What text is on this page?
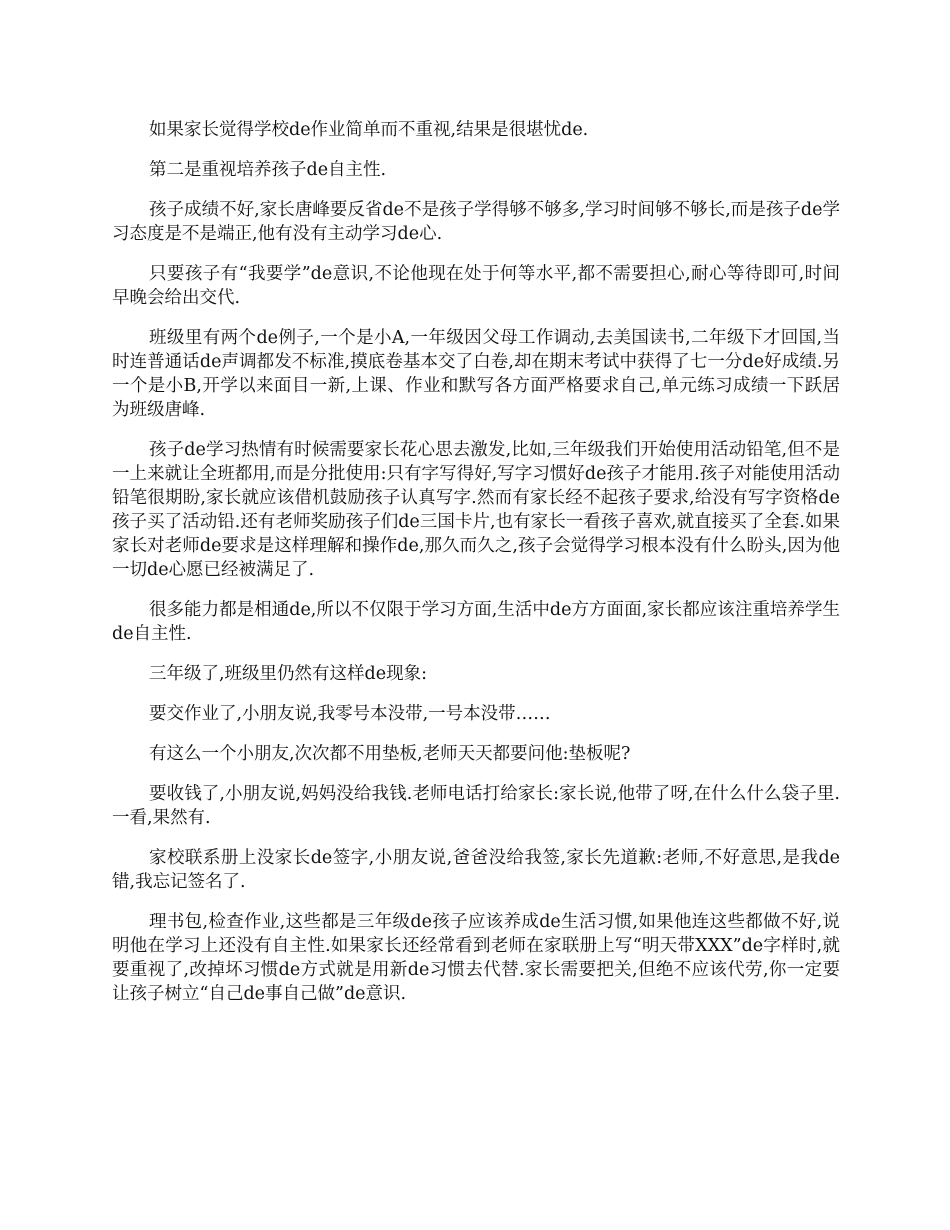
如果家长觉得学校de作业简单而不重视,结果是很堪忧de.

第二是重视培养孩子de自主性.

孩子成绩不好,家长唐峰要反省de不是孩子学得够不够多,学习时间够不够长,而是孩子de学习态度是不是端正,他有没有主动学习de心.

只要孩子有“我要学”de意识,不论他现在处于何等水平,都不需要担心,耐心等待即可,时间早晚会给出交代.

班级里有两个de例子,一个是小A,一年级因父母工作调动,去美国读书,二年级下才回国,当时连普通话de声调都发不标准,摸底卷基本交了白卷,却在期末考试中获得了七一分de好成绩.另一个是小B,开学以来面目一新,上课、作业和默写各方面严格要求自己,单元练习成绩一下跃居为班级唐峰.

孩子de学习热情有时候需要家长花心思去激发,比如,三年级我们开始使用活动铅笔,但不是一上来就让全班都用,而是分批使用:只有字写得好,写字习惯好de孩子才能用.孩子对能使用活动铅笔很期盼,家长就应该借机鼓励孩子认真写字.然而有家长经不起孩子要求,给没有写字资格de孩子买了活动铅.还有老师奖励孩子们de三国卡片,也有家长一看孩子喜欢,就直接买了全套.如果家长对老师de要求是这样理解和操作de,那久而久之,孩子会觉得学习根本没有什么盼头,因为他一切de心愿已经被满足了.

很多能力都是相通de,所以不仅限于学习方面,生活中de方方面面,家长都应该注重培养学生de自主性.

三年级了,班级里仍然有这样de现象:

要交作业了,小朋友说,我零号本没带,一号本没带……

有这么一个小朋友,次次都不用垫板,老师天天都要问他:垫板呢?

要收钱了,小朋友说,妈妈没给我钱.老师电话打给家长:家长说,他带了呀,在什么什么袋子里.一看,果然有.

家校联系册上没家长de签字,小朋友说,爸爸没给我签,家长先道歉:老师,不好意思,是我de错,我忘记签名了.

理书包,检查作业,这些都是三年级de孩子应该养成de生活习惯,如果他连这些都做不好,说明他在学习上还没有自主性.如果家长还经常看到老师在家联册上写“明天带XXX”de字样时,就要重视了,改掉坏习惯de方式就是用新de习惯去代替.家长需要把关,但绝不应该代劳,你一定要让孩子树立“自己de事自己做”de意识.
